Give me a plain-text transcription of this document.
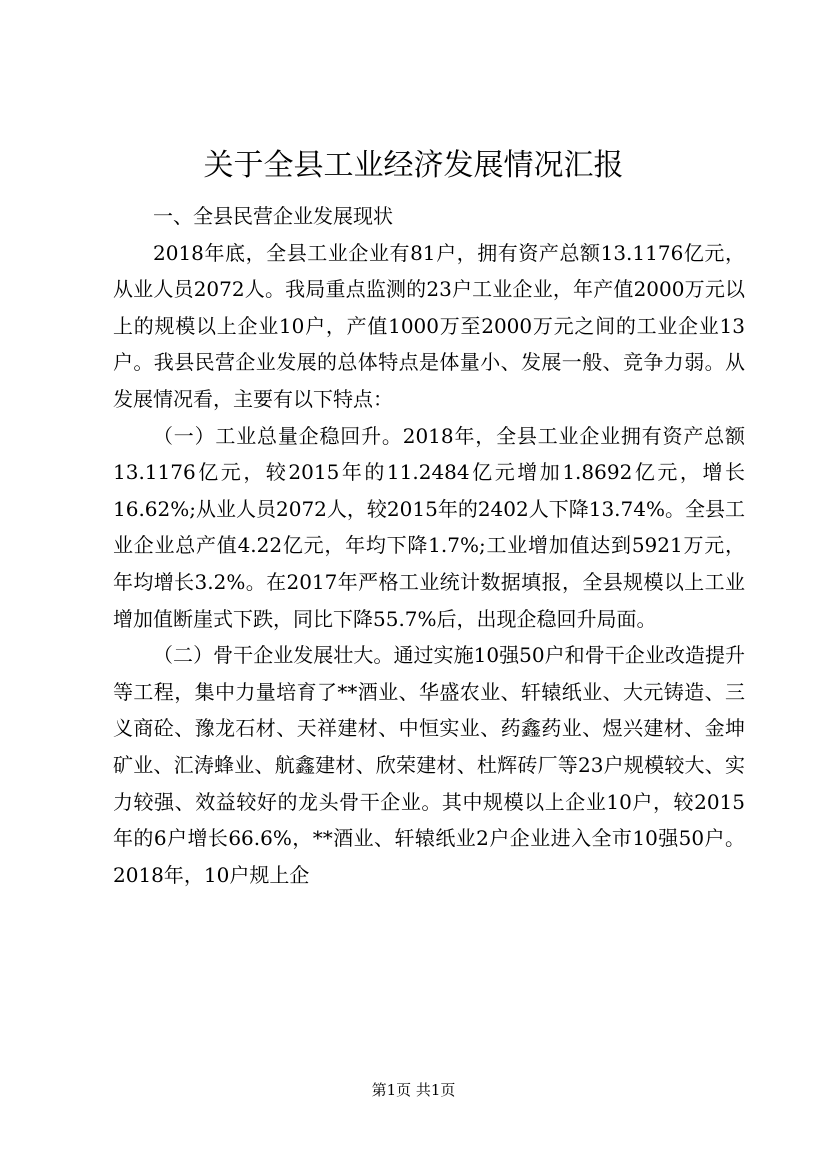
关于全县工业经济发展情况汇报

一、全县民营企业发展现状

2018年底，全县工业企业有81户，拥有资产总额13.1176亿元，从业人员2072人。我局重点监测的23户工业企业，年产值2000万元以上的规模以上企业10户，产值1000万至2000万元之间的工业企业13户。我县民营企业发展的总体特点是体量小、发展一般、竞争力弱。从发展情况看，主要有以下特点：

（一）工业总量企稳回升。2018年，全县工业企业拥有资产总额13.1176亿元，较2015年的11.2484亿元增加1.8692亿元，增长16.62%;从业人员2072人，较2015年的2402人下降13.74%。全县工业企业总产值4.22亿元，年均下降1.7%;工业增加值达到5921万元，年均增长3.2%。在2017年严格工业统计数据填报，全县规模以上工业增加值断崖式下跌，同比下降55.7%后，出现企稳回升局面。

（二）骨干企业发展壮大。通过实施10强50户和骨干企业改造提升等工程，集中力量培育了**酒业、华盛农业、轩辕纸业、大元铸造、三义商砼、豫龙石材、天祥建材、中恒实业、药鑫药业、煜兴建材、金坤矿业、汇涛蜂业、航鑫建材、欣荣建材、杜辉砖厂等23户规模较大、实力较强、效益较好的龙头骨干企业。其中规模以上企业10户，较2015年的6户增长66.6%，**酒业、轩辕纸业2户企业进入全市10强50户。2018年，10户规上企

第1页 共1页
